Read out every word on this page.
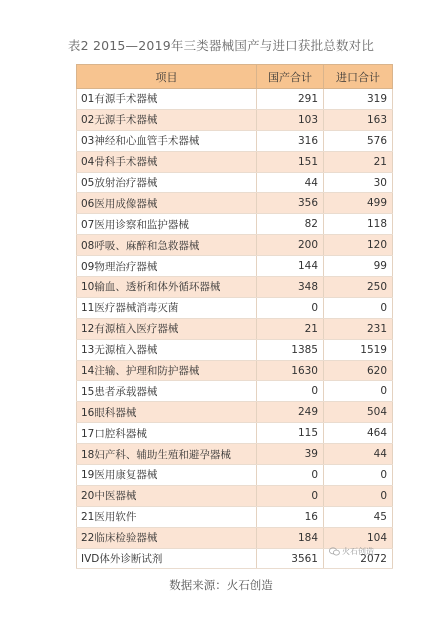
表2 2015—2019年三类器械国产与进口获批总数对比
项目	国产合计	进口合计
01有源手术器械	291	319
02无源手术器械	103	163
03神经和心血管手术器械	316	576
04骨科手术器械	151	21
05放射治疗器械	44	30
06医用成像器械	356	499
07医用诊察和监护器械	82	118
08呼吸、麻醉和急救器械	200	120
09物理治疗器械	144	99
10输血、透析和体外循环器械	348	250
11医疗器械消毒灭菌	0	0
12有源植入医疗器械	21	231
13无源植入器械	1385	1519
14注输、护理和防护器械	1630	620
15患者承载器械	0	0
16眼科器械	249	504
17口腔科器械	115	464
18妇产科、辅助生殖和避孕器械	39	44
19医用康复器械	0	0
20中医器械	0	0
21医用软件	16	45
22临床检验器械	184	104
IVD体外诊断试剂	3561	2072
火石创造
数据来源：火石创造
